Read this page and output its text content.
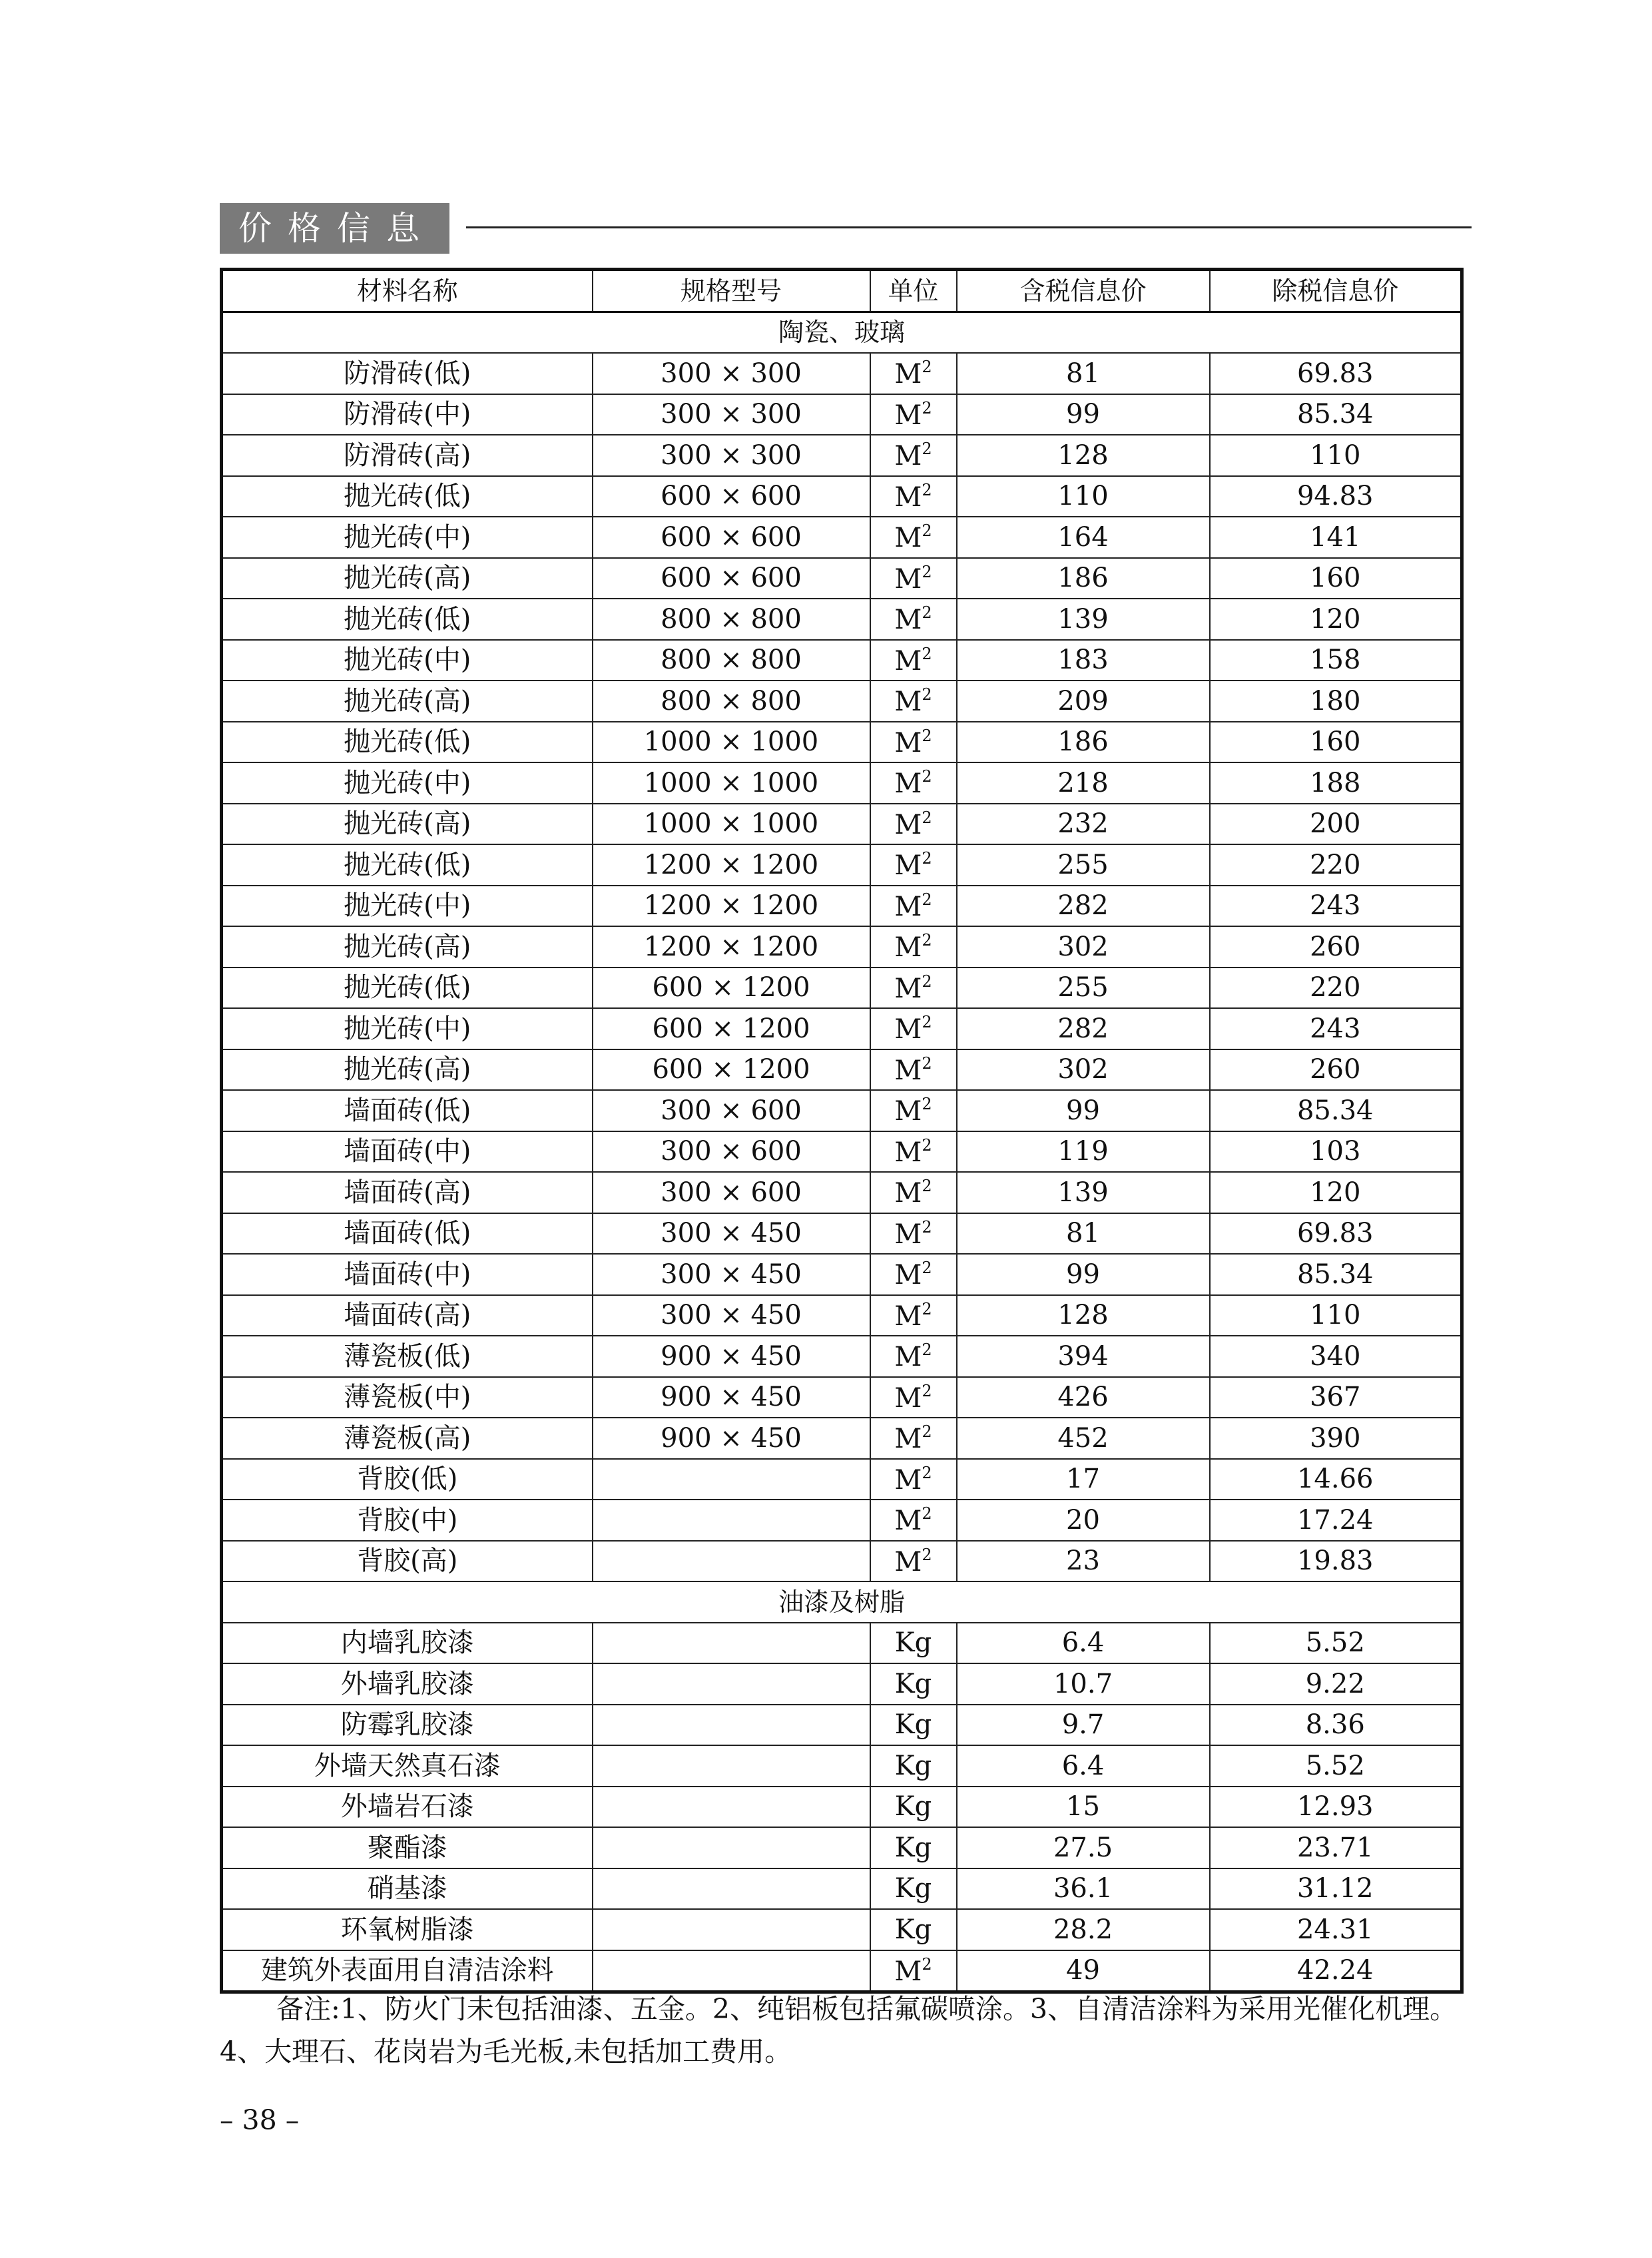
价格信息
材料名称	规格型号	单位	含税信息价	除税信息价
陶瓷、玻璃				
防滑砖(低)	300 × 300	$M^2$	81	69.83
防滑砖(中)	300 × 300	$M^2$	99	85.34
防滑砖(高)	300 × 300	$M^2$	128	110
抛光砖(低)	600 × 600	$M^2$	110	94.83
抛光砖(中)	600 × 600	$M^2$	164	141
抛光砖(高)	600 × 600	$M^2$	186	160
抛光砖(低)	800 × 800	$M^2$	139	120
抛光砖(中)	800 × 800	$M^2$	183	158
抛光砖(高)	800 × 800	$M^2$	209	180
抛光砖(低)	1000 × 1000	$M^2$	186	160
抛光砖(中)	1000 × 1000	$M^2$	218	188
抛光砖(高)	1000 × 1000	$M^2$	232	200
抛光砖(低)	1200 × 1200	$M^2$	255	220
抛光砖(中)	1200 × 1200	$M^2$	282	243
抛光砖(高)	1200 × 1200	$M^2$	302	260
抛光砖(低)	600 × 1200	$M^2$	255	220
抛光砖(中)	600 × 1200	$M^2$	282	243
抛光砖(高)	600 × 1200	$M^2$	302	260
墙面砖(低)	300 × 600	$M^2$	99	85.34
墙面砖(中)	300 × 600	$M^2$	119	103
墙面砖(高)	300 × 600	$M^2$	139	120
墙面砖(低)	300 × 450	$M^2$	81	69.83
墙面砖(中)	300 × 450	$M^2$	99	85.34
墙面砖(高)	300 × 450	$M^2$	128	110
薄瓷板(低)	900 × 450	$M^2$	394	340
薄瓷板(中)	900 × 450	$M^2$	426	367
薄瓷板(高)	900 × 450	$M^2$	452	390
背胶(低)		$M^2$	17	14.66
背胶(中)		$M^2$	20	17.24
背胶(高)		$M^2$	23	19.83
油漆及树脂				
内墙乳胶漆		Kg	6.4	5.52
外墙乳胶漆		Kg	10.7	9.22
防霉乳胶漆		Kg	9.7	8.36
外墙天然真石漆		Kg	6.4	5.52
外墙岩石漆		Kg	15	12.93
聚酯漆		Kg	27.5	23.71
硝基漆		Kg	36.1	31.12
环氧树脂漆		Kg	28.2	24.31
建筑外表面用自清洁涂料		$M^2$	49	42.24
备注:1、防火门未包括油漆、五金。2、纯铝板包括氟碳喷涂。3、自清洁涂料为采用光催化机理。
4、大理石、花岗岩为毛光板,未包括加工费用。
– 38 –
